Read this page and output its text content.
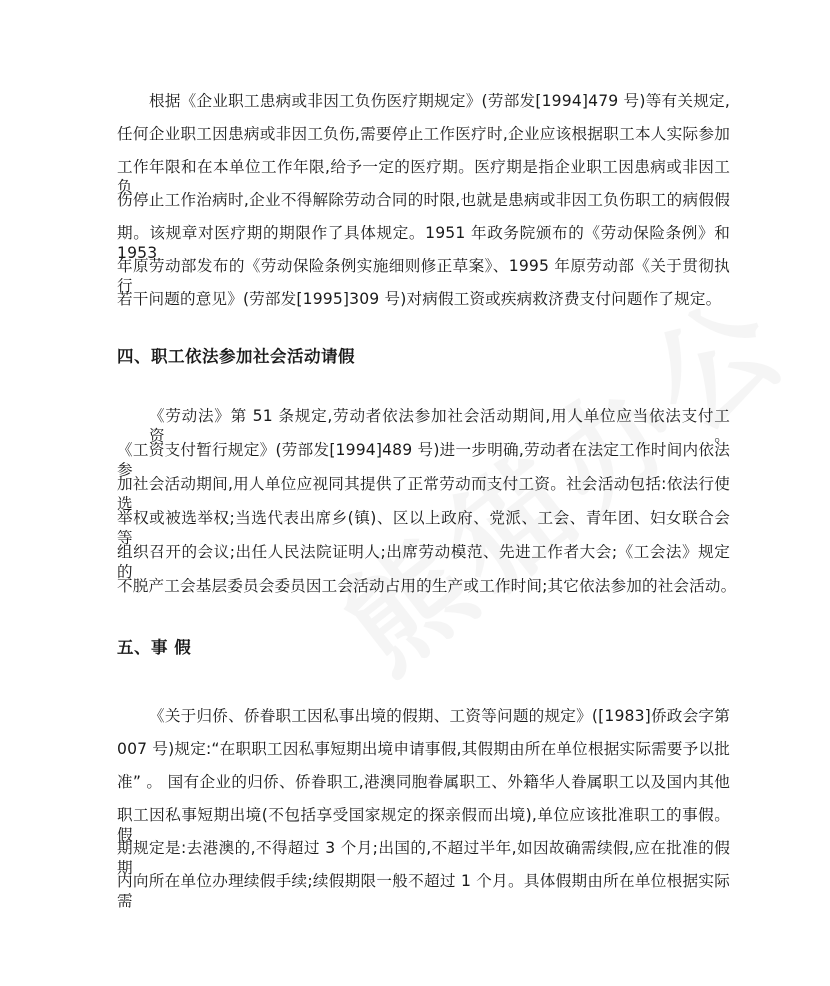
根据《企业职工患病或非因工负伤医疗期规定》(劳部发[1994]479 号)等有关规定,
任何企业职工因患病或非因工负伤,需要停止工作医疗时,企业应该根据职工本人实际参加
工作年限和在本单位工作年限,给予一定的医疗期。医疗期是指企业职工因患病或非因工负
伤停止工作治病时,企业不得解除劳动合同的时限,也就是患病或非因工负伤职工的病假假
期。该规章对医疗期的期限作了具体规定。1951 年政务院颁布的《劳动保险条例》和 1953
年原劳动部发布的《劳动保险条例实施细则修正草案》、1995 年原劳动部《关于贯彻执行
若干问题的意见》(劳部发[1995]309 号)对病假工资或疾病救济费支付问题作了规定。
四、职工依法参加社会活动请假
《劳动法》第 51 条规定,劳动者依法参加社会活动期间,用人单位应当依法支付工资。
《工资支付暂行规定》(劳部发[1994]489 号)进一步明确,劳动者在法定工作时间内依法参
加社会活动期间,用人单位应视同其提供了正常劳动而支付工资。社会活动包括:依法行使选
举权或被选举权;当选代表出席乡(镇)、区以上政府、党派、工会、青年团、妇女联合会等
组织召开的会议;出任人民法院证明人;出席劳动模范、先进工作者大会;《工会法》规定的
不脱产工会基层委员会委员因工会活动占用的生产或工作时间;其它依法参加的社会活动。
五、事 假
《关于归侨、侨眷职工因私事出境的假期、工资等问题的规定》([1983]侨政会字第
007 号)规定:“在职职工因私事短期出境申请事假,其假期由所在单位根据实际需要予以批
准” 。 国有企业的归侨、侨眷职工,港澳同胞眷属职工、外籍华人眷属职工以及国内其他
职工因私事短期出境(不包括享受国家规定的探亲假而出境),单位应该批准职工的事假。假
期规定是:去港澳的,不得超过 3 个月;出国的,不超过半年,如因故确需续假,应在批准的假期
内向所在单位办理续假手续;续假期限一般不超过 1 个月。具体假期由所在单位根据实际需
